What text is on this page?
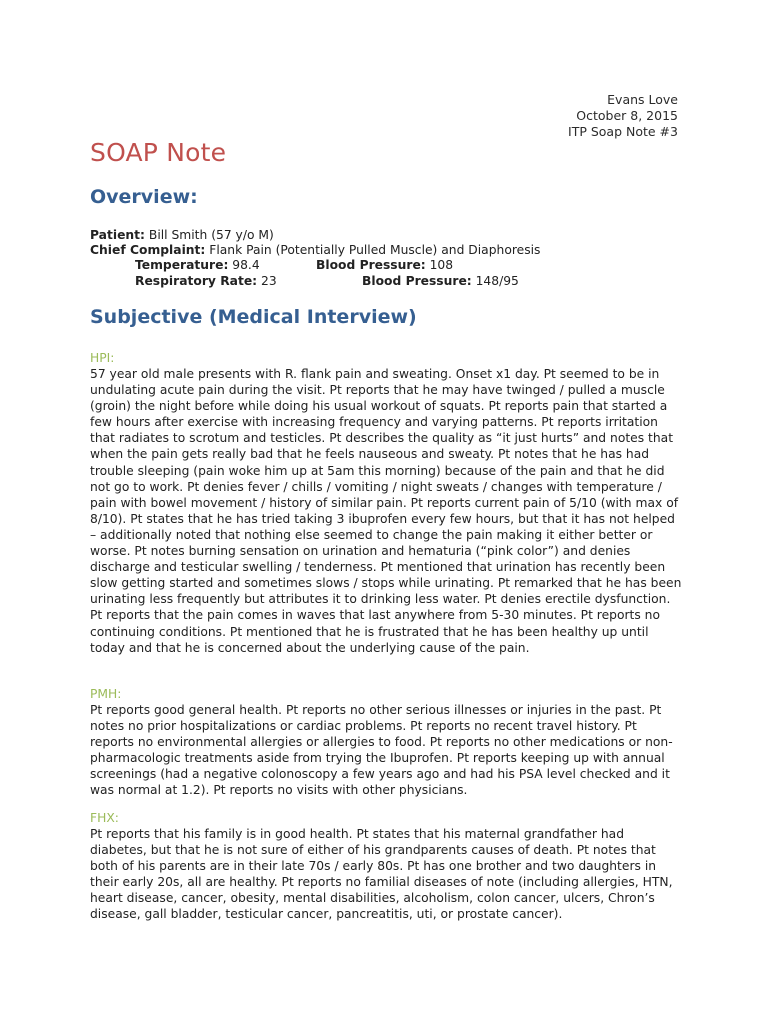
Evans Love
October 8, 2015
ITP Soap Note #3
SOAP Note
Overview:
Patient: Bill Smith (57 y/o M)
Chief Complaint: Flank Pain (Potentially Pulled Muscle) and Diaphoresis
Temperature: 98.4	Blood Pressure: 108
Respiratory Rate: 23	Blood Pressure: 148/95
Subjective (Medical Interview)
HPI:

57 year old male presents with R. flank pain and sweating. Onset x1 day. Pt seemed to be in undulating acute pain during the visit. Pt reports that he may have twinged / pulled a muscle (groin) the night before while doing his usual workout of squats. Pt reports pain that started a few hours after exercise with increasing frequency and varying patterns. Pt reports irritation that radiates to scrotum and testicles. Pt describes the quality as “it just hurts” and notes that when the pain gets really bad that he feels nauseous and sweaty. Pt notes that he has had trouble sleeping (pain woke him up at 5am this morning) because of the pain and that he did not go to work. Pt denies fever / chills / vomiting / night sweats / changes with temperature / pain with bowel movement / history of similar pain. Pt reports current pain of 5/10 (with max of 8/10). Pt states that he has tried taking 3 ibuprofen every few hours, but that it has not helped – additionally noted that nothing else seemed to change the pain making it either better or worse. Pt notes burning sensation on urination and hematuria (“pink color”) and denies discharge and testicular swelling / tenderness. Pt mentioned that urination has recently been slow getting started and sometimes slows / stops while urinating. Pt remarked that he has been urinating less frequently but attributes it to drinking less water. Pt denies erectile dysfunction. Pt reports that the pain comes in waves that last anywhere from 5-30 minutes. Pt reports no continuing conditions. Pt mentioned that he is frustrated that he has been healthy up until today and that he is concerned about the underlying cause of the pain.

PMH:

Pt reports good general health. Pt reports no other serious illnesses or injuries in the past. Pt notes no prior hospitalizations or cardiac problems. Pt reports no recent travel history. Pt reports no environmental allergies or allergies to food. Pt reports no other medications or non-pharmacologic treatments aside from trying the Ibuprofen. Pt reports keeping up with annual screenings (had a negative colonoscopy a few years ago and had his PSA level checked and it was normal at 1.2). Pt reports no visits with other physicians.

FHX:

Pt reports that his family is in good health. Pt states that his maternal grandfather had diabetes, but that he is not sure of either of his grandparents causes of death. Pt notes that both of his parents are in their late 70s / early 80s. Pt has one brother and two daughters in their early 20s, all are healthy. Pt reports no familial diseases of note (including allergies, HTN, heart disease, cancer, obesity, mental disabilities, alcoholism, colon cancer, ulcers, Chron’s disease, gall bladder, testicular cancer, pancreatitis, uti, or prostate cancer).
